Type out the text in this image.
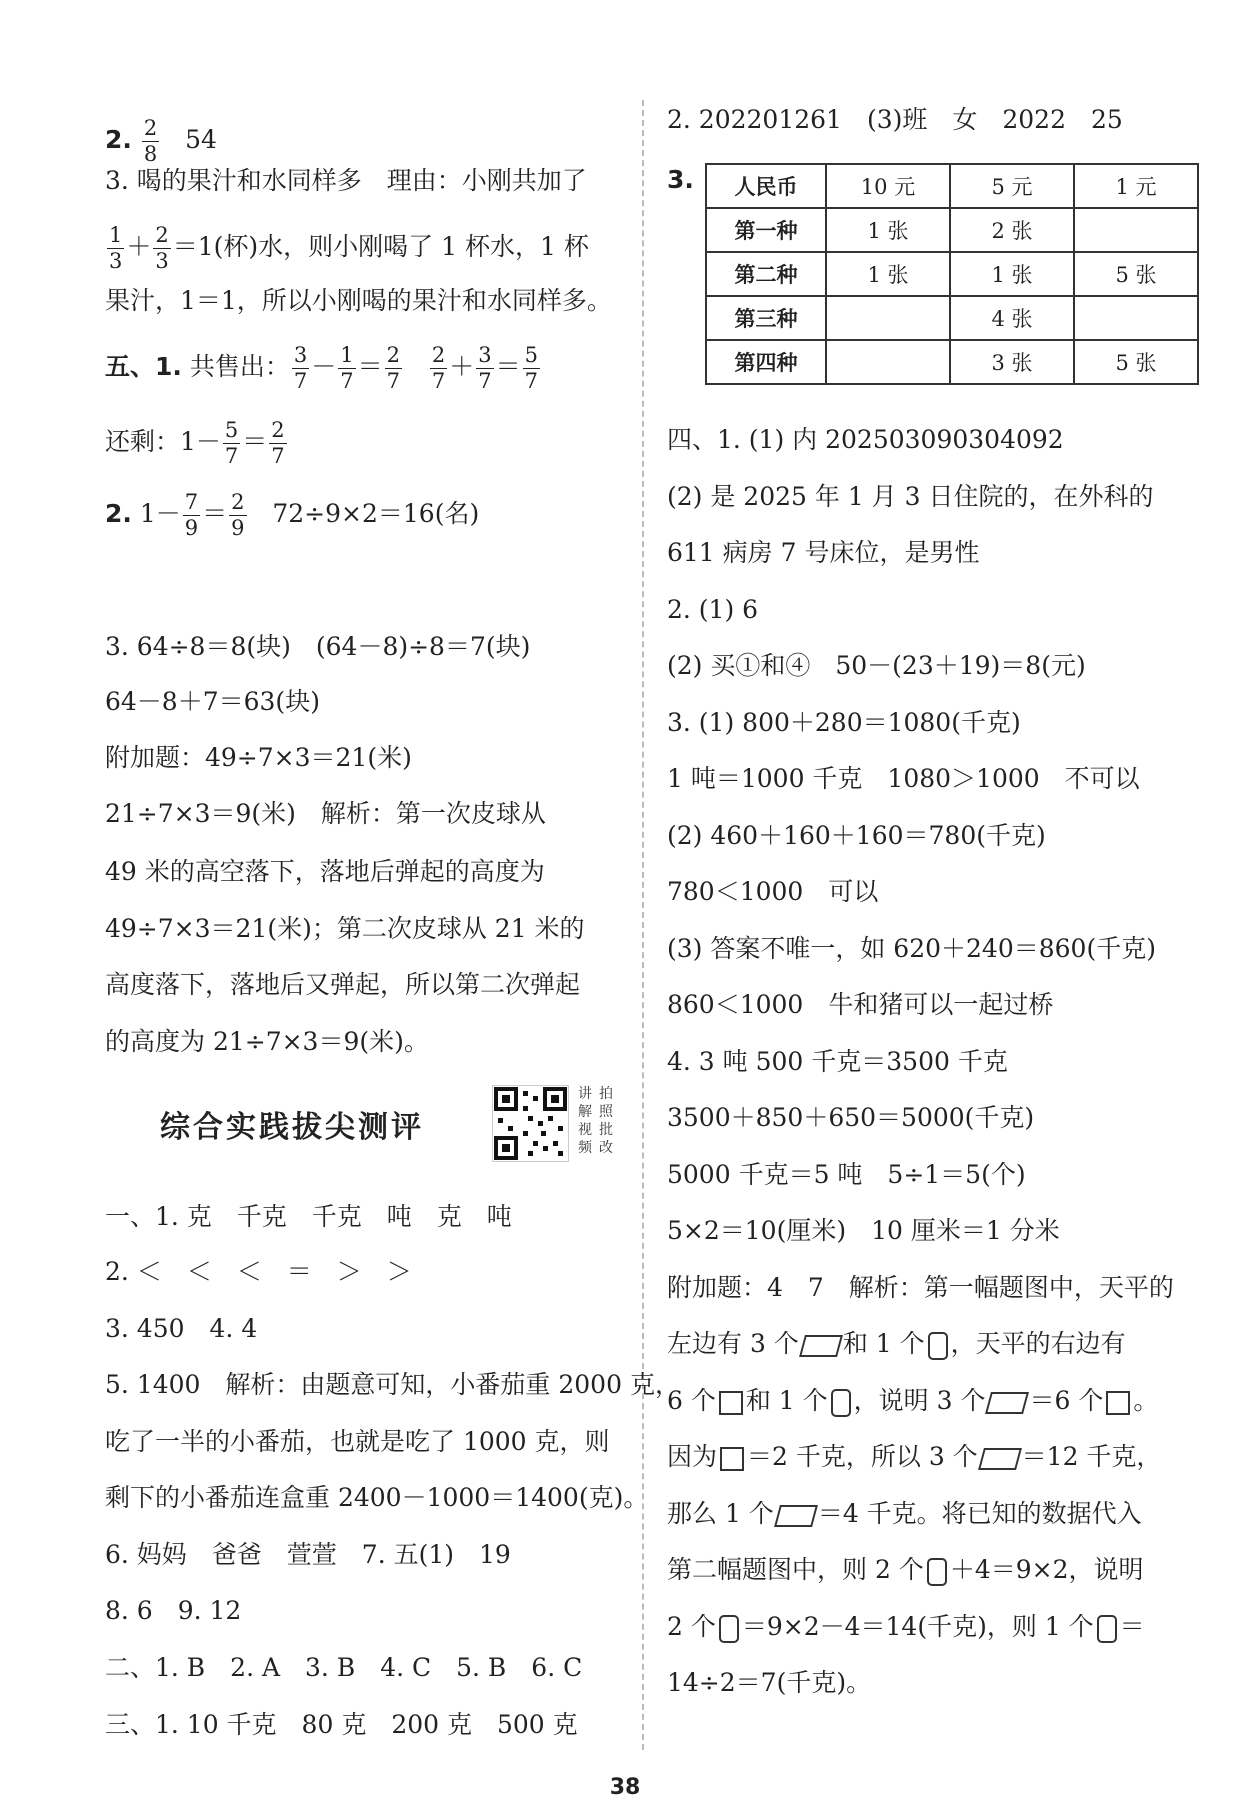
2. $\frac{2}{8} 54$
3. 喝的果汁和水同样多　理由：小刚共加了
$\frac{1}{3} + \frac{2}{3} =1$(杯)水，则小刚喝了 1 杯水，1 杯
果汁，1＝1，所以小刚喝的果汁和水同样多。
五、1. 共售出： $\frac{3}{7} - \frac{1}{7} = \frac{2}{7}$
$\frac{2}{7} + \frac{3}{7} = \frac{5}{7}$
还剩：$1- \frac{5}{7} = \frac{2}{7}$
2. $1- \frac{7}{9} = \frac{2}{9} 72\div 9\times 2=16$(名)
3. 64÷8＝8(块)　(64－8)÷8＝7(块)
64－8＋7＝63(块)
附加题：49÷7×3＝21(米)
21÷7×3＝9(米)　解析：第一次皮球从
49 米的高空落下，落地后弹起的高度为
49÷7×3＝21(米)；第二次皮球从 21 米的
高度落下，落地后又弹起，所以第二次弹起
的高度为 21÷7×3＝9(米)。
一、1. 克　千克　千克　吨　克　吨
2. ＜　＜　＜　＝　＞　＞
3. 450　4. 4
5. 1400　解析：由题意可知，小番茄重 2000 克，
吃了一半的小番茄，也就是吃了 1000 克，则
剩下的小番茄连盒重 2400－1000＝1400(克)。
6. 妈妈　爸爸　萱萱　7. 五(1)　19
8. 6　9. 12
二、1. B　2. A　3. B　4. C　5. B　6. C
三、1. 10 千克　80 克　200 克　500 克
综合实践拔尖测评
讲 拍
解 照
视 批
频 改
2. 202201261　(3)班　女　2022　25
3.
四、1. (1) 内 202503090304092
(2) 是 2025 年 1 月 3 日住院的，在外科的
611 病房 7 号床位，是男性
2. (1) 6
(2) 买①和④　50－(23＋19)＝8(元)
3. (1) 800＋280＝1080(千克)
1 吨＝1000 千克　1080＞1000　不可以
(2) 460＋160＋160＝780(千克)
780＜1000　可以
(3) 答案不唯一，如 620＋240＝860(千克)
860＜1000　牛和猪可以一起过桥
4. 3 吨 500 千克＝3500 千克
3500＋850＋650＝5000(千克)
5000 千克＝5 吨　5÷1＝5(个)
5×2＝10(厘米)　10 厘米＝1 分米
附加题：4　7　解析：第一幅题图中，天平的
左边有 3 个 和 1 个 ，天平的右边有
6 个 和 1 个 ，说明 3 个 ＝6 个 。
因为 ＝2 千克，所以 3 个 ＝12 千克，
那么 1 个 ＝4 千克。将已知的数据代入
第二幅题图中，则 2 个 ＋4＝9×2，说明
2 个 ＝9×2－4＝14(千克)，则 1 个 ＝
14÷2＝7(千克)。
人民币	10 元	5 元	1 元
第一种	1 张	2 张	
第二种	1 张	1 张	5 张
第三种		4 张	
第四种		3 张	5 张
38
